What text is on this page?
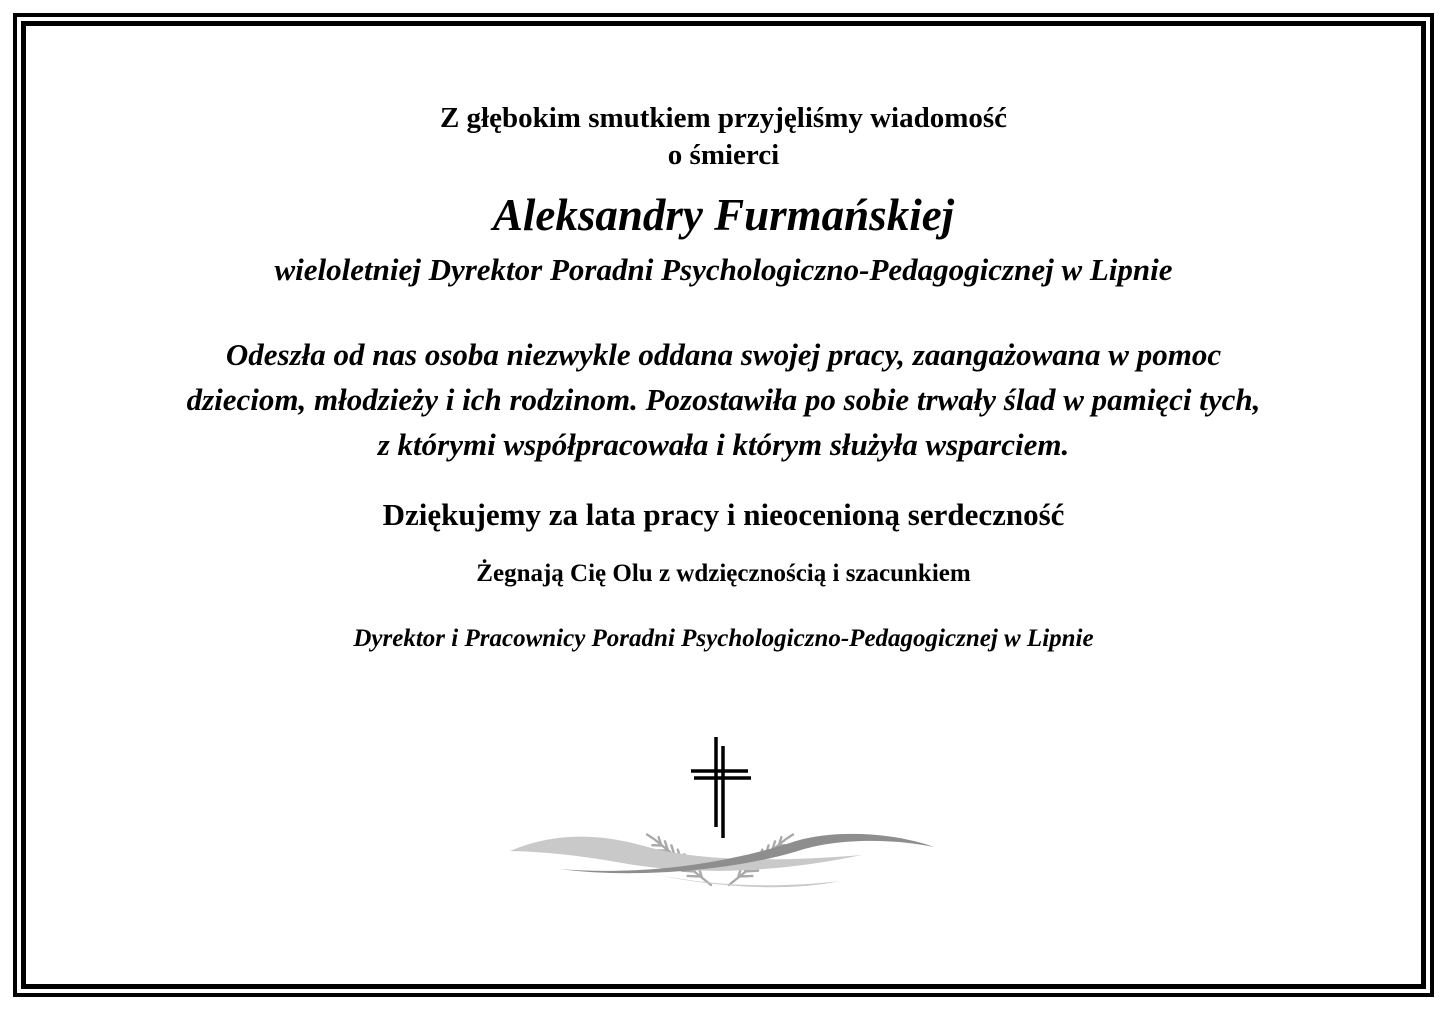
Z głębokim smutkiem przyjęliśmy wiadomość
o śmierci
Aleksandry Furmańskiej
wieloletniej Dyrektor Poradni Psychologiczno-Pedagogicznej w Lipnie
Odeszła od nas osoba niezwykle oddana swojej pracy, zaangażowana w pomoc
dzieciom, młodzieży i ich rodzinom. Pozostawiła po sobie trwały ślad w pamięci tych,
z którymi współpracowała i którym służyła wsparciem.
Dziękujemy za lata pracy i nieocenioną serdeczność
Żegnają Cię Olu z wdzięcznością i szacunkiem
Dyrektor i Pracownicy Poradni Psychologiczno-Pedagogicznej w Lipnie
